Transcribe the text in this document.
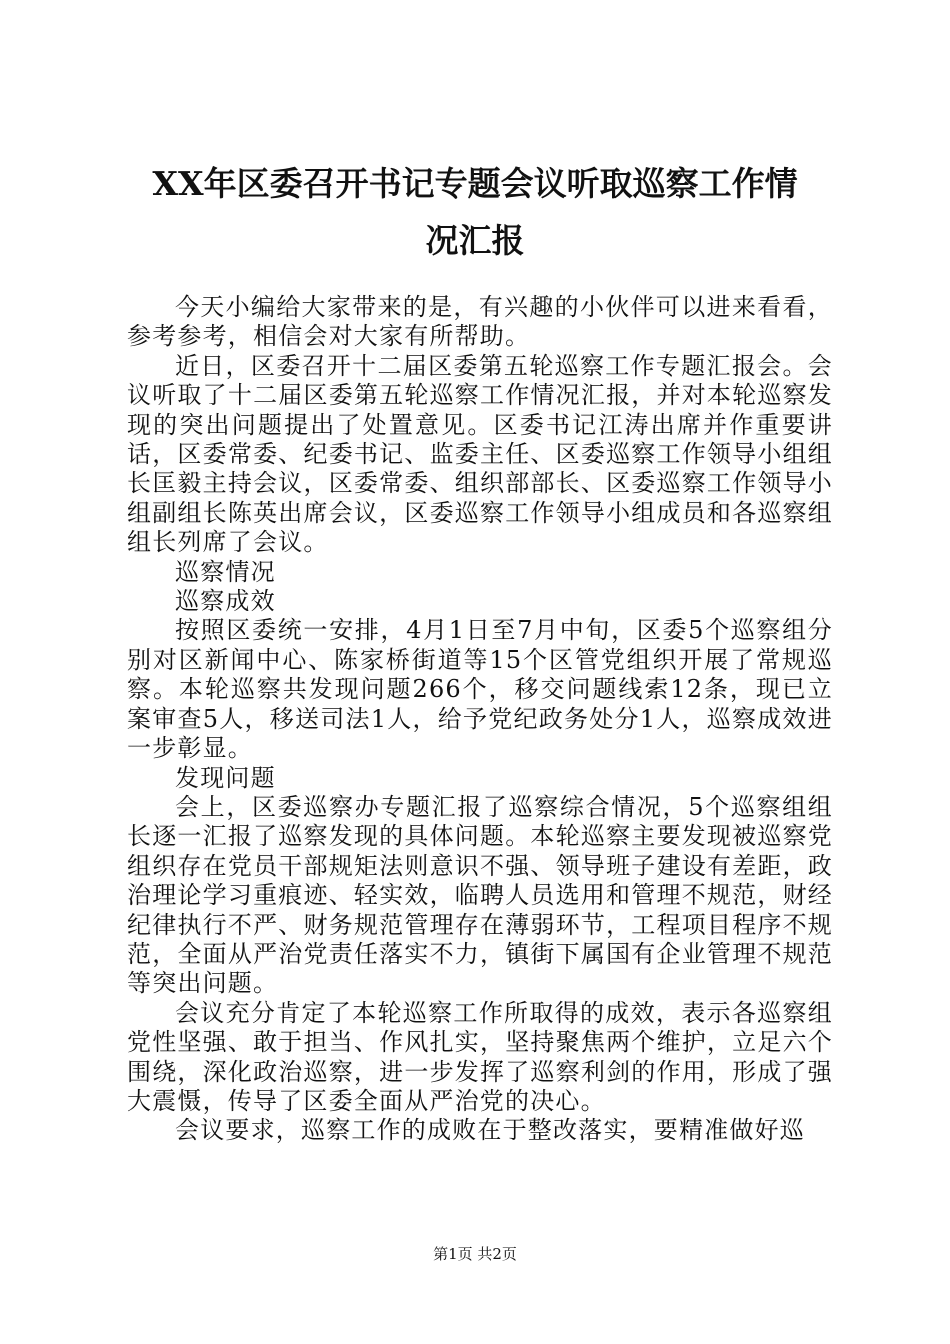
XX年区委召开书记专题会议听取巡察工作情
况汇报

今天小编给大家带来的是，有兴趣的小伙伴可以进来看看，参考参考，相信会对大家有所帮助。

近日，区委召开十二届区委第五轮巡察工作专题汇报会。会议听取了十二届区委第五轮巡察工作情况汇报，并对本轮巡察发现的突出问题提出了处置意见。区委书记江涛出席并作重要讲话，区委常委、纪委书记、监委主任、区委巡察工作领导小组组长匡毅主持会议，区委常委、组织部部长、区委巡察工作领导小组副组长陈英出席会议，区委巡察工作领导小组成员和各巡察组组长列席了会议。

巡察情况

巡察成效

按照区委统一安排，4月1日至7月中旬，区委5个巡察组分别对区新闻中心、陈家桥街道等15个区管党组织开展了常规巡察。本轮巡察共发现问题266个，移交问题线索12条，现已立案审查5人，移送司法1人，给予党纪政务处分1人，巡察成效进一步彰显。

发现问题

会上，区委巡察办专题汇报了巡察综合情况，5个巡察组组长逐一汇报了巡察发现的具体问题。本轮巡察主要发现被巡察党组织存在党员干部规矩法则意识不强、领导班子建设有差距，政治理论学习重痕迹、轻实效，临聘人员选用和管理不规范，财经纪律执行不严、财务规范管理存在薄弱环节，工程项目程序不规范，全面从严治党责任落实不力，镇街下属国有企业管理不规范等突出问题。

会议充分肯定了本轮巡察工作所取得的成效，表示各巡察组党性坚强、敢于担当、作风扎实，坚持聚焦两个维护，立足六个围绕，深化政治巡察，进一步发挥了巡察利剑的作用，形成了强大震慑，传导了区委全面从严治党的决心。

会议要求，巡察工作的成败在于整改落实，要精准做好巡

第1页 共2页
